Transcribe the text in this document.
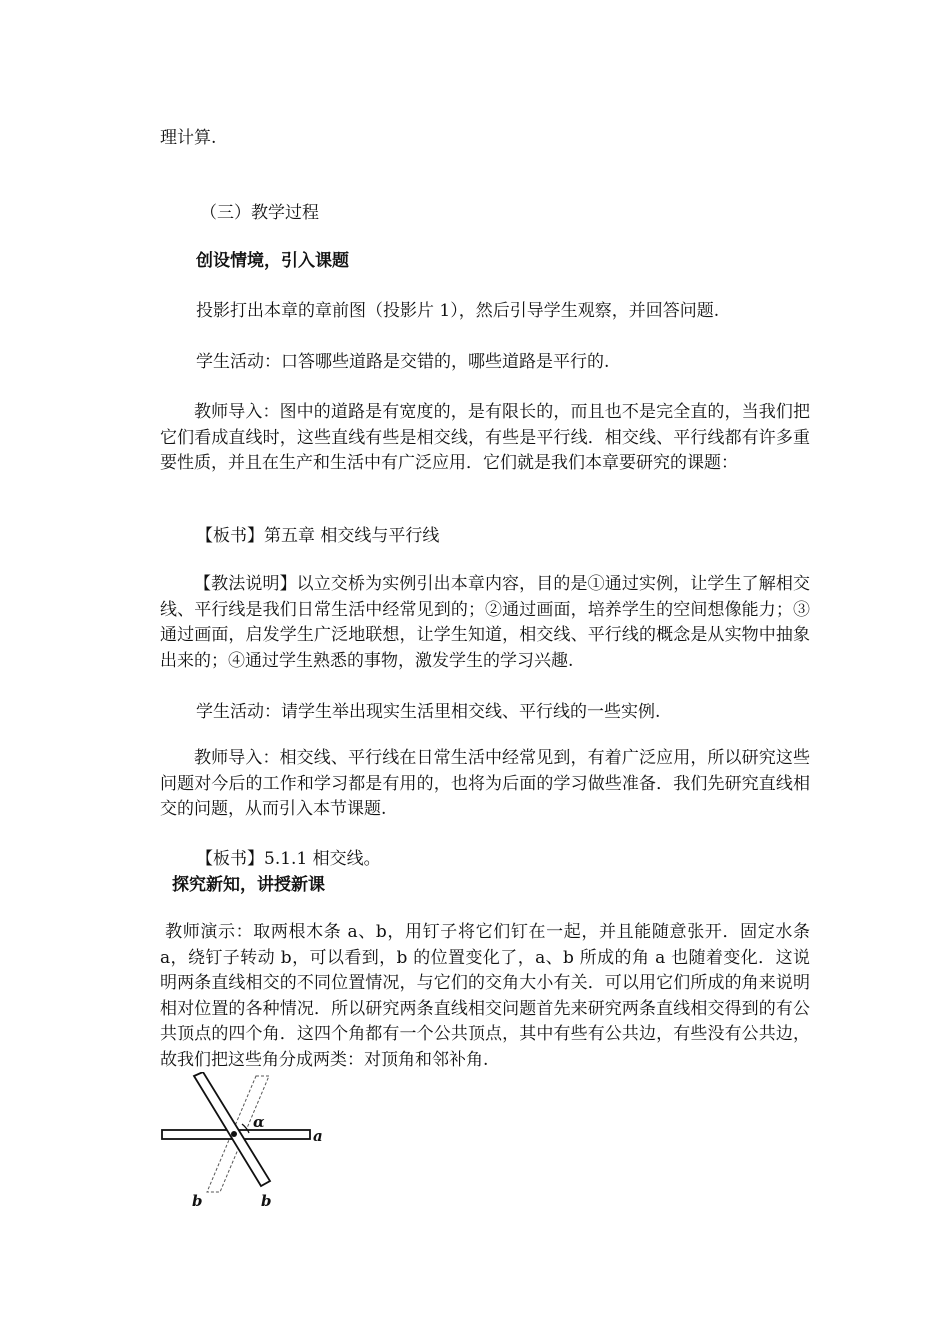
理计算.
（三）教学过程
创设情境，引入课题
投影打出本章的章前图（投影片 1），然后引导学生观察，并回答问题.
学生活动：口答哪些道路是交错的，哪些道路是平行的.
教师导入：图中的道路是有宽度的，是有限长的，而且也不是完全直的，当我们把它们看成直线时，这些直线有些是相交线，有些是平行线．相交线、平行线都有许多重要性质，并且在生产和生活中有广泛应用．它们就是我们本章要研究的课题：
【板书】第五章 相交线与平行线
【教法说明】以立交桥为实例引出本章内容，目的是①通过实例，让学生了解相交线、平行线是我们日常生活中经常见到的；②通过画面，培养学生的空间想像能力；③通过画面，启发学生广泛地联想，让学生知道，相交线、平行线的概念是从实物中抽象出来的；④通过学生熟悉的事物，激发学生的学习兴趣.
学生活动：请学生举出现实生活里相交线、平行线的一些实例.
教师导入：相交线、平行线在日常生活中经常见到，有着广泛应用，所以研究这些问题对今后的工作和学习都是有用的，也将为后面的学习做些准备．我们先研究直线相交的问题，从而引入本节课题.
【板书】5.1.1 相交线。
探究新知，讲授新课
教师演示：取两根木条 a、b，用钉子将它们钉在一起，并且能随意张开．固定水条 a，绕钉子转动 b，可以看到，b 的位置变化了，a、b 所成的角 a 也随着变化．这说明两条直线相交的不同位置情况，与它们的交角大小有关．可以用它们所成的角来说明相对位置的各种情况．所以研究两条直线相交问题首先来研究两条直线相交得到的有公共顶点的四个角．这四个角都有一个公共顶点，其中有些有公共边，有些没有公共边，故我们把这些角分成两类：对顶角和邻补角.
α
a
b	b
